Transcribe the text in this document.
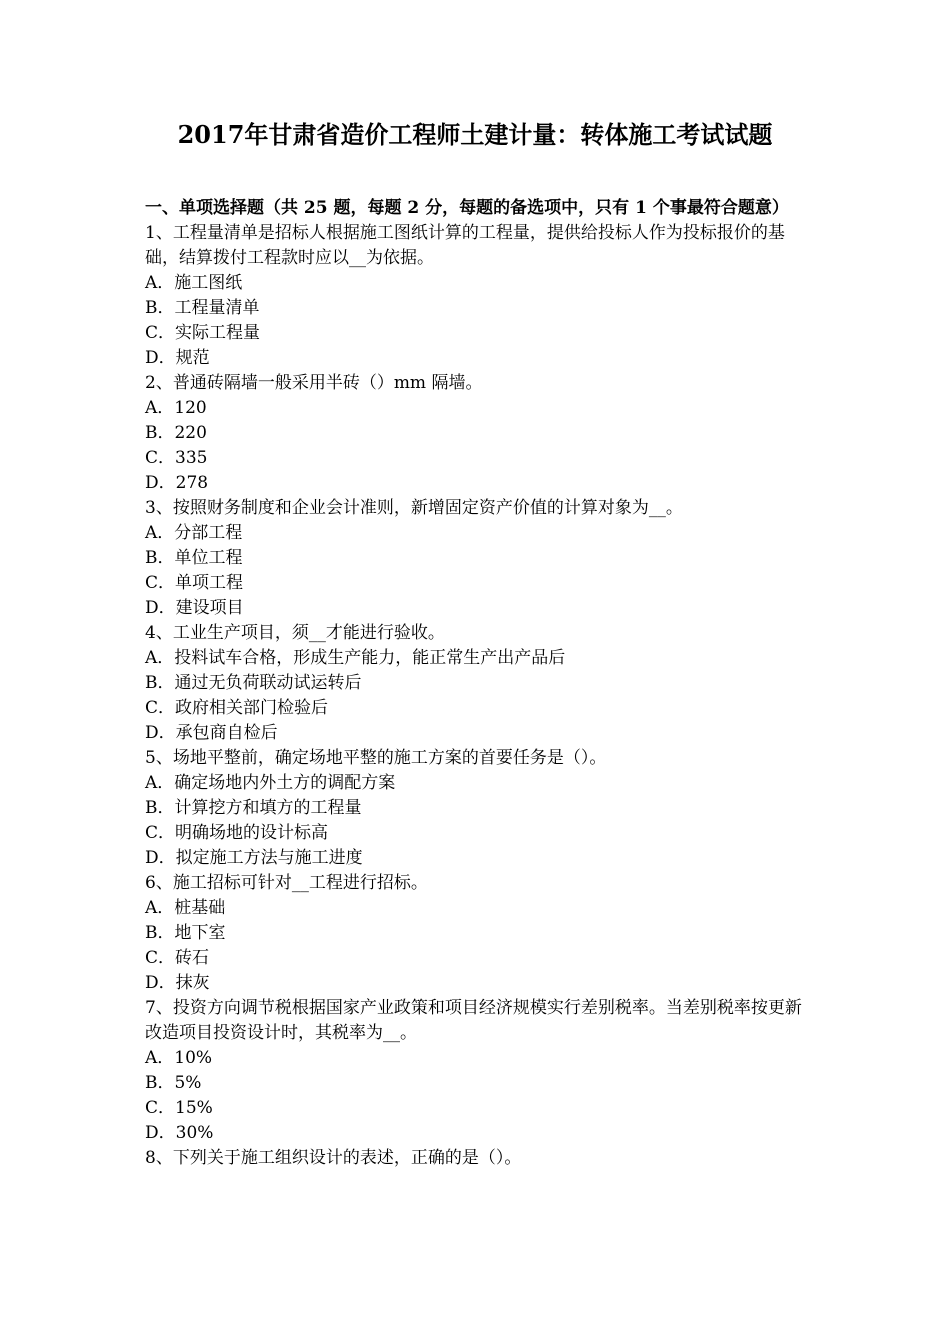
2017年甘肃省造价工程师土建计量：转体施工考试试题

一、单项选择题（共 25 题，每题 2 分，每题的备选项中，只有 1 个事最符合题意）

1、工程量清单是招标人根据施工图纸计算的工程量，提供给投标人作为投标报价的基础，结算拨付工程款时应以__为依据。

A．施工图纸
B．工程量清单
C．实际工程量
D．规范

2、普通砖隔墙一般采用半砖（）mm 隔墙。

A．120
B．220
C．335
D．278

3、按照财务制度和企业会计准则，新增固定资产价值的计算对象为__。

A．分部工程
B．单位工程
C．单项工程
D．建设项目

4、工业生产项目，须__才能进行验收。

A．投料试车合格，形成生产能力，能正常生产出产品后
B．通过无负荷联动试运转后
C．政府相关部门检验后
D．承包商自检后

5、场地平整前，确定场地平整的施工方案的首要任务是（）。

A．确定场地内外土方的调配方案
B．计算挖方和填方的工程量
C．明确场地的设计标高
D．拟定施工方法与施工进度

6、施工招标可针对__工程进行招标。

A．桩基础
B．地下室
C．砖石
D．抹灰

7、投资方向调节税根据国家产业政策和项目经济规模实行差别税率。当差别税率按更新改造项目投资设计时，其税率为__。

A．10%
B．5%
C．15%
D．30%

8、下列关于施工组织设计的表述，正确的是（）。
